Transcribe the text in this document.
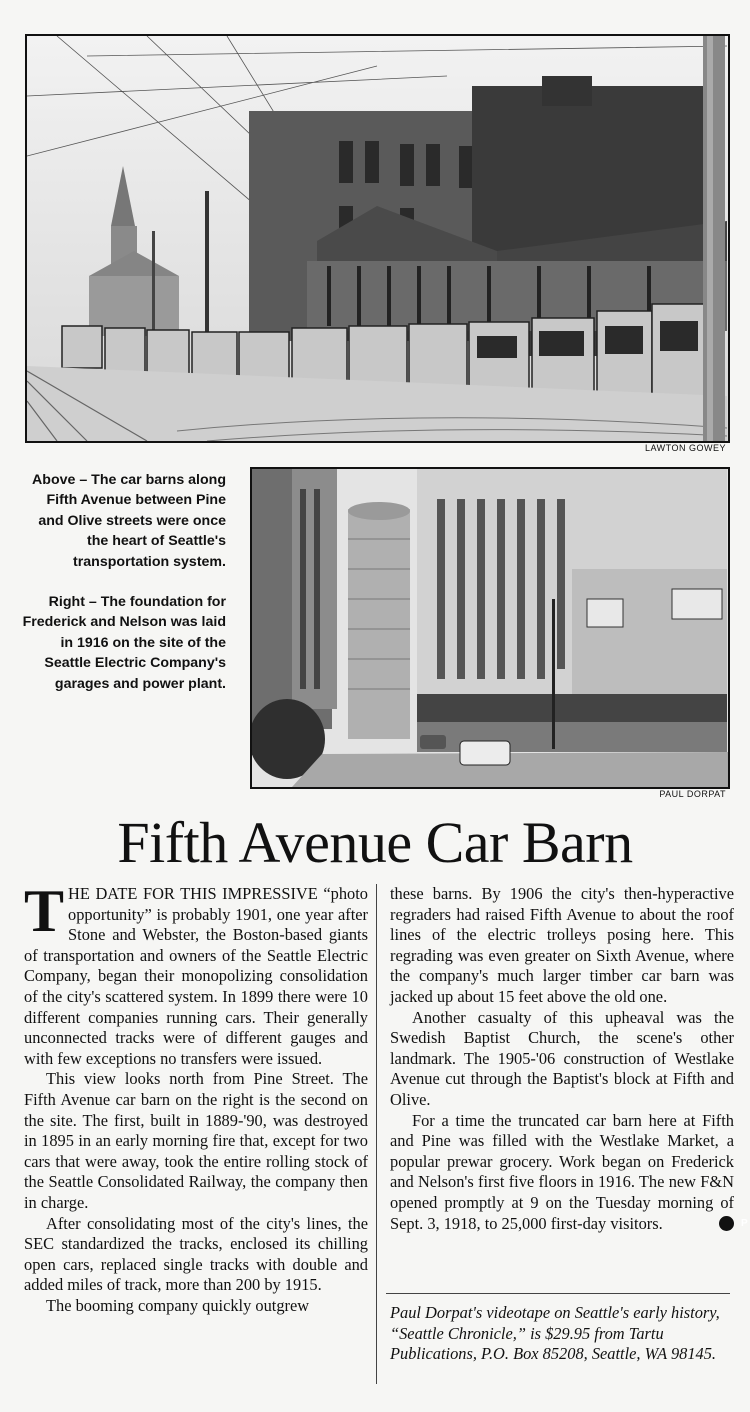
LAWTON GOWEY
Above – The car barns along Fifth Avenue between Pine and Olive streets were once the heart of Seattle's transportation system.
Right – The foundation for Frederick and Nelson was laid in 1916 on the site of the Seattle Electric Company's garages and power plant.
PAUL DORPAT
Fifth Avenue Car Barn

THE DATE FOR THIS IMPRESSIVE “photo opportunity” is probably 1901, one year after Stone and Webster, the Boston-based giants of transportation and owners of the Seattle Electric Company, began their monopolizing consolidation of the city's scattered system. In 1899 there were 10 different companies running cars. Their generally unconnected tracks were of different gauges and with few exceptions no transfers were issued.

This view looks north from Pine Street. The Fifth Avenue car barn on the right is the second on the site. The first, built in 1889-'90, was destroyed in 1895 in an early morning fire that, except for two cars that were away, took the entire rolling stock of the Seattle Consolidated Railway, the company then in charge.

After consolidating most of the city's lines, the SEC standardized the tracks, enclosed its chilling open cars, replaced single tracks with double and added miles of track, more than 200 by 1915.

The booming company quickly outgrew

these barns. By 1906 the city's then-hyperactive regraders had raised Fifth Avenue to about the roof lines of the electric trolleys posing here. This regrading was even greater on Sixth Avenue, where the company's much larger timber car barn was jacked up about 15 feet above the old one.

Another casualty of this upheaval was the Swedish Baptist Church, the scene's other landmark. The 1905-'06 construction of Westlake Avenue cut through the Baptist's block at Fifth and Olive.

For a time the truncated car barn here at Fifth and Pine was filled with the Westlake Market, a popular prewar grocery. Work began on Frederick and Nelson's first five floors in 1916. The new F&N opened promptly at 9 on the Tuesday morning of Sept. 3, 1918, to 25,000 first-day visitors.	P

Paul Dorpat's videotape on Seattle's early history, “Seattle Chronicle,” is $29.95 from Tartu Publications, P.O. Box 85208, Seattle, WA 98145.
